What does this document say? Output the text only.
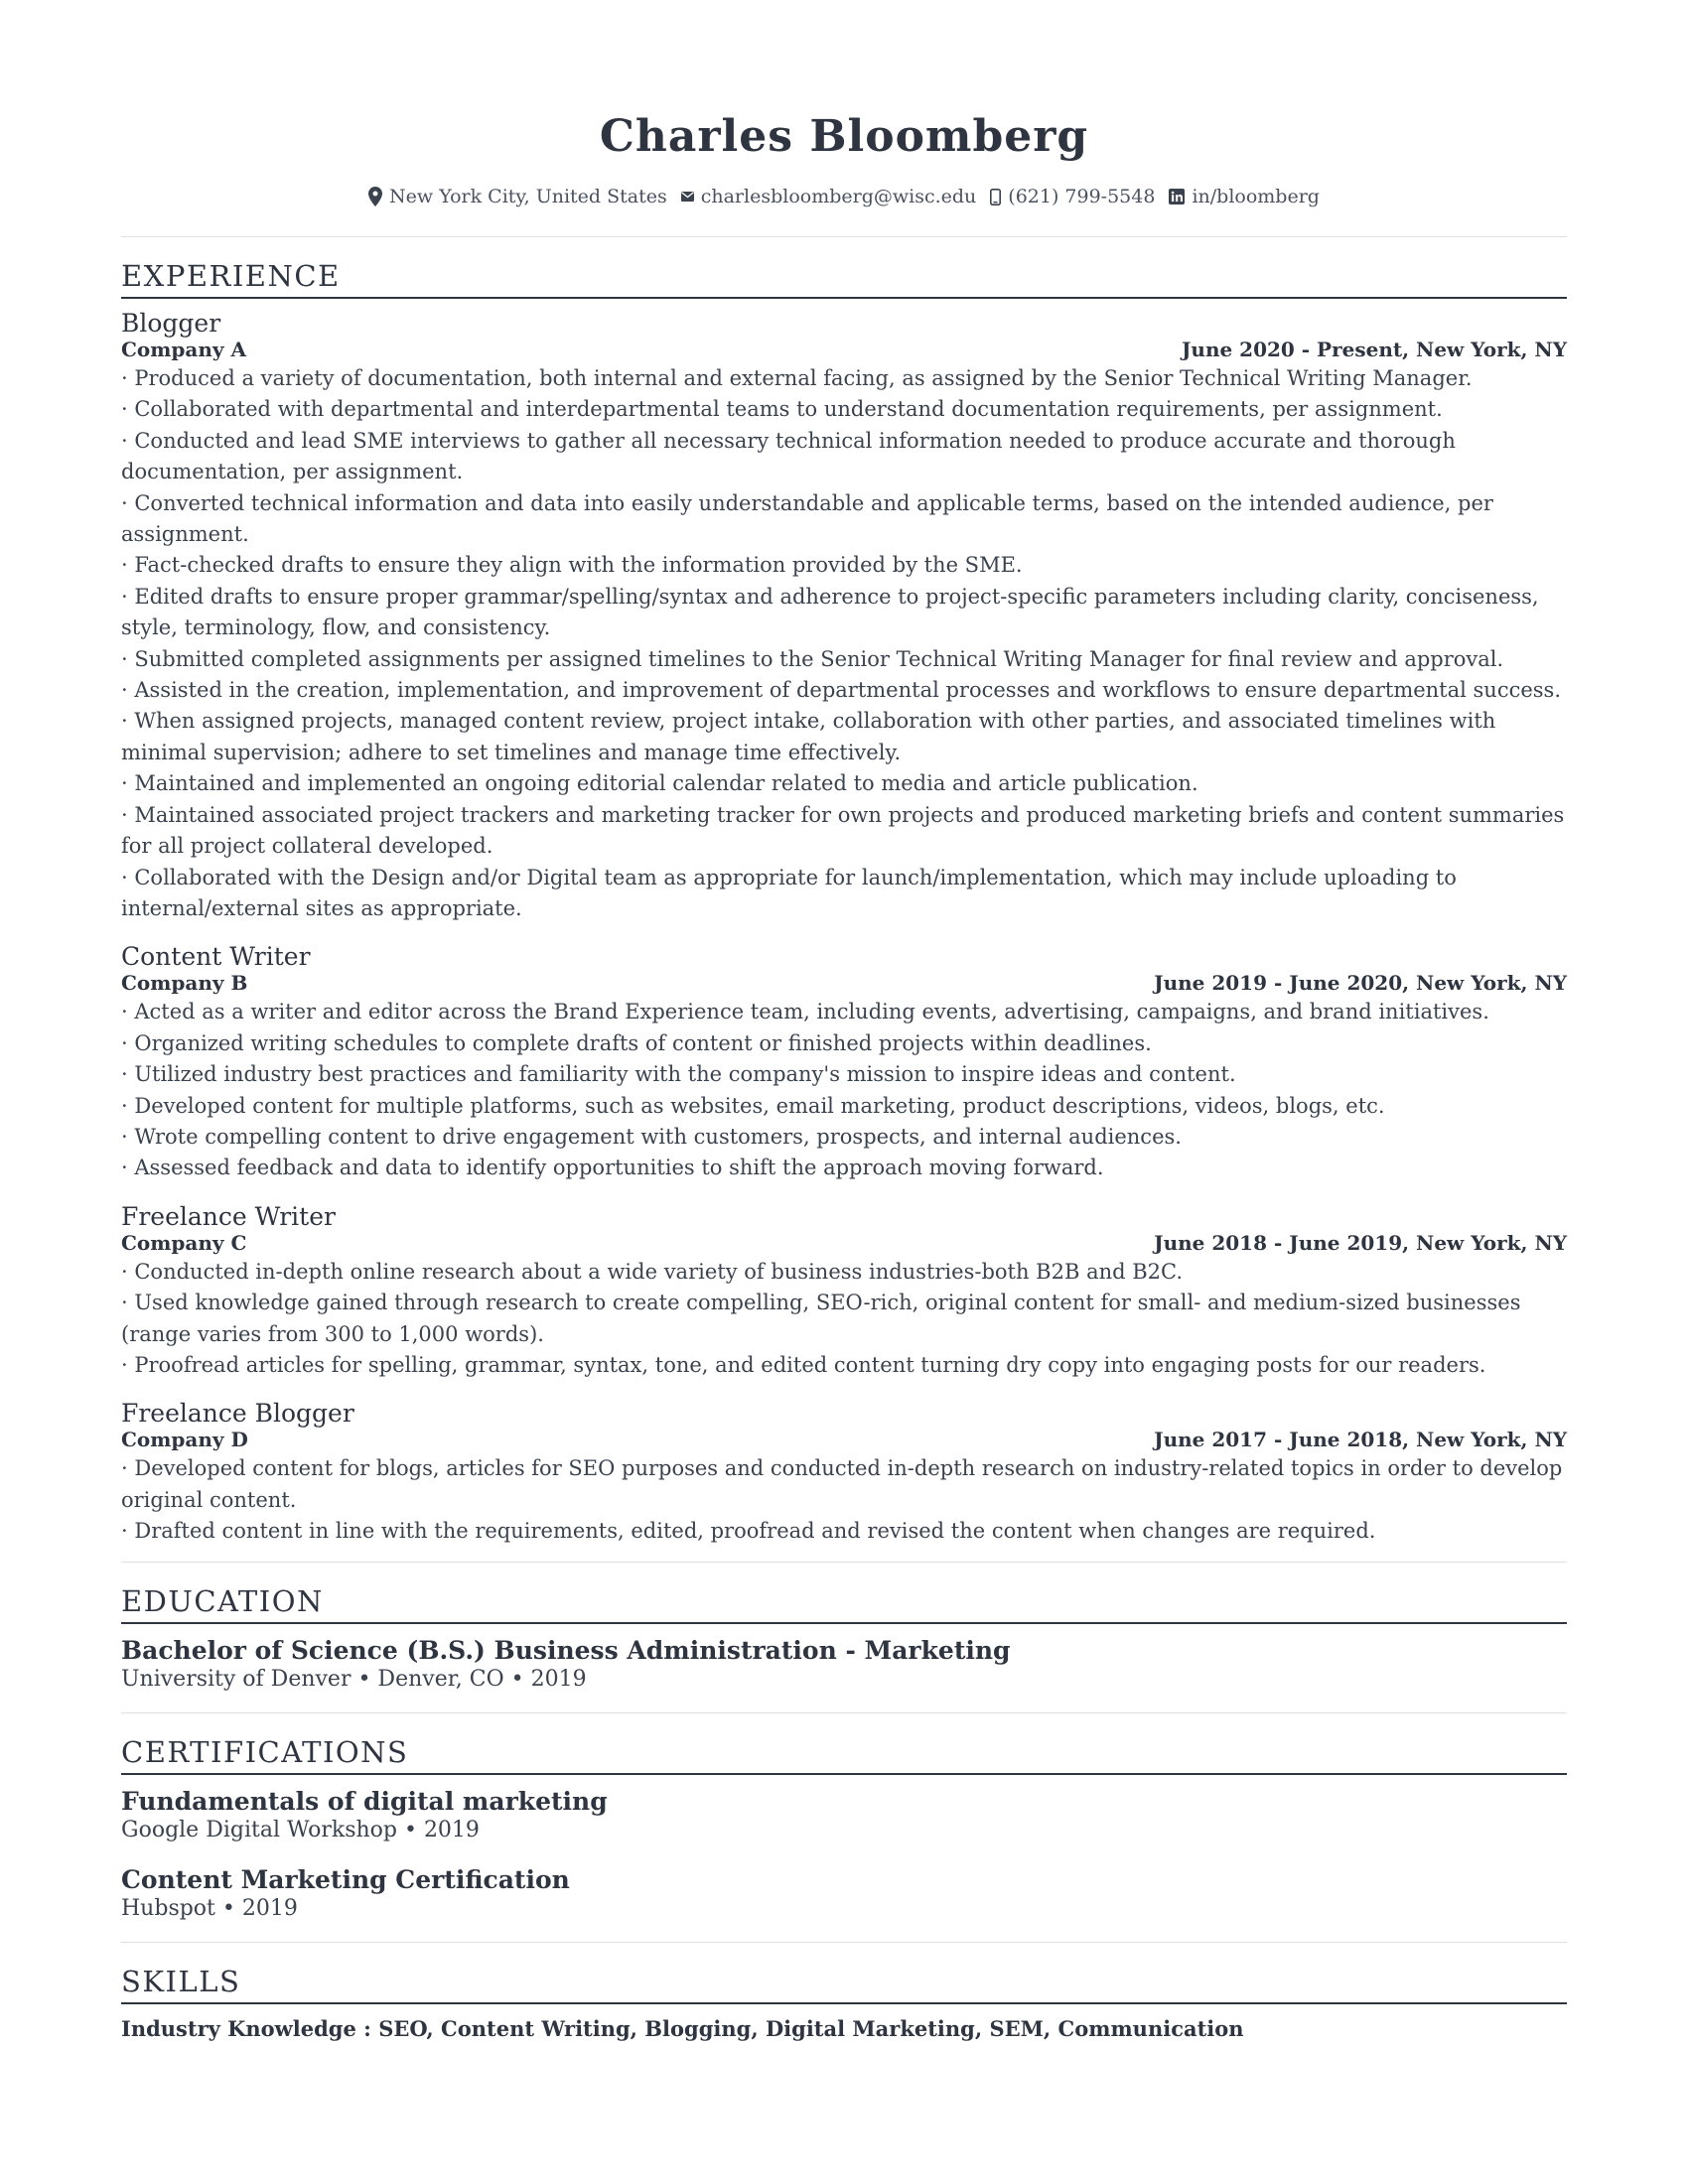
Charles Bloomberg
New York City, United States charlesbloomberg@wisc.edu (621) 799-5548 in/bloomberg
EXPERIENCE
Blogger
Company A	June 2020 - Present, New York, NY
· Produced a variety of documentation, both internal and external facing, as assigned by the Senior Technical Writing Manager.
· Collaborated with departmental and interdepartmental teams to understand documentation requirements, per assignment.
· Conducted and lead SME interviews to gather all necessary technical information needed to produce accurate and thorough documentation, per assignment.
· Converted technical information and data into easily understandable and applicable terms, based on the intended audience, per assignment.
· Fact-checked drafts to ensure they align with the information provided by the SME.
· Edited drafts to ensure proper grammar/spelling/syntax and adherence to project-specific parameters including clarity, conciseness, style, terminology, flow, and consistency.
· Submitted completed assignments per assigned timelines to the Senior Technical Writing Manager for final review and approval.
· Assisted in the creation, implementation, and improvement of departmental processes and workflows to ensure departmental success.
· When assigned projects, managed content review, project intake, collaboration with other parties, and associated timelines with minimal supervision; adhere to set timelines and manage time effectively.
· Maintained and implemented an ongoing editorial calendar related to media and article publication.
· Maintained associated project trackers and marketing tracker for own projects and produced marketing briefs and content summaries for all project collateral developed.
· Collaborated with the Design and/or Digital team as appropriate for launch/implementation, which may include uploading to internal/external sites as appropriate.
Content Writer
Company B	June 2019 - June 2020, New York, NY
· Acted as a writer and editor across the Brand Experience team, including events, advertising, campaigns, and brand initiatives.
· Organized writing schedules to complete drafts of content or finished projects within deadlines.
· Utilized industry best practices and familiarity with the company's mission to inspire ideas and content.
· Developed content for multiple platforms, such as websites, email marketing, product descriptions, videos, blogs, etc.
· Wrote compelling content to drive engagement with customers, prospects, and internal audiences.
· Assessed feedback and data to identify opportunities to shift the approach moving forward.
Freelance Writer
Company C	June 2018 - June 2019, New York, NY
· Conducted in-depth online research about a wide variety of business industries-both B2B and B2C.
· Used knowledge gained through research to create compelling, SEO-rich, original content for small- and medium-sized businesses (range varies from 300 to 1,000 words).
· Proofread articles for spelling, grammar, syntax, tone, and edited content turning dry copy into engaging posts for our readers.
Freelance Blogger
Company D	June 2017 - June 2018, New York, NY
· Developed content for blogs, articles for SEO purposes and conducted in-depth research on industry-related topics in order to develop original content.
· Drafted content in line with the requirements, edited, proofread and revised the content when changes are required.
EDUCATION
Bachelor of Science (B.S.) Business Administration - Marketing
University of Denver • Denver, CO • 2019
CERTIFICATIONS
Fundamentals of digital marketing
Google Digital Workshop • 2019
Content Marketing Certification
Hubspot • 2019
SKILLS
Industry Knowledge : SEO, Content Writing, Blogging, Digital Marketing, SEM, Communication
